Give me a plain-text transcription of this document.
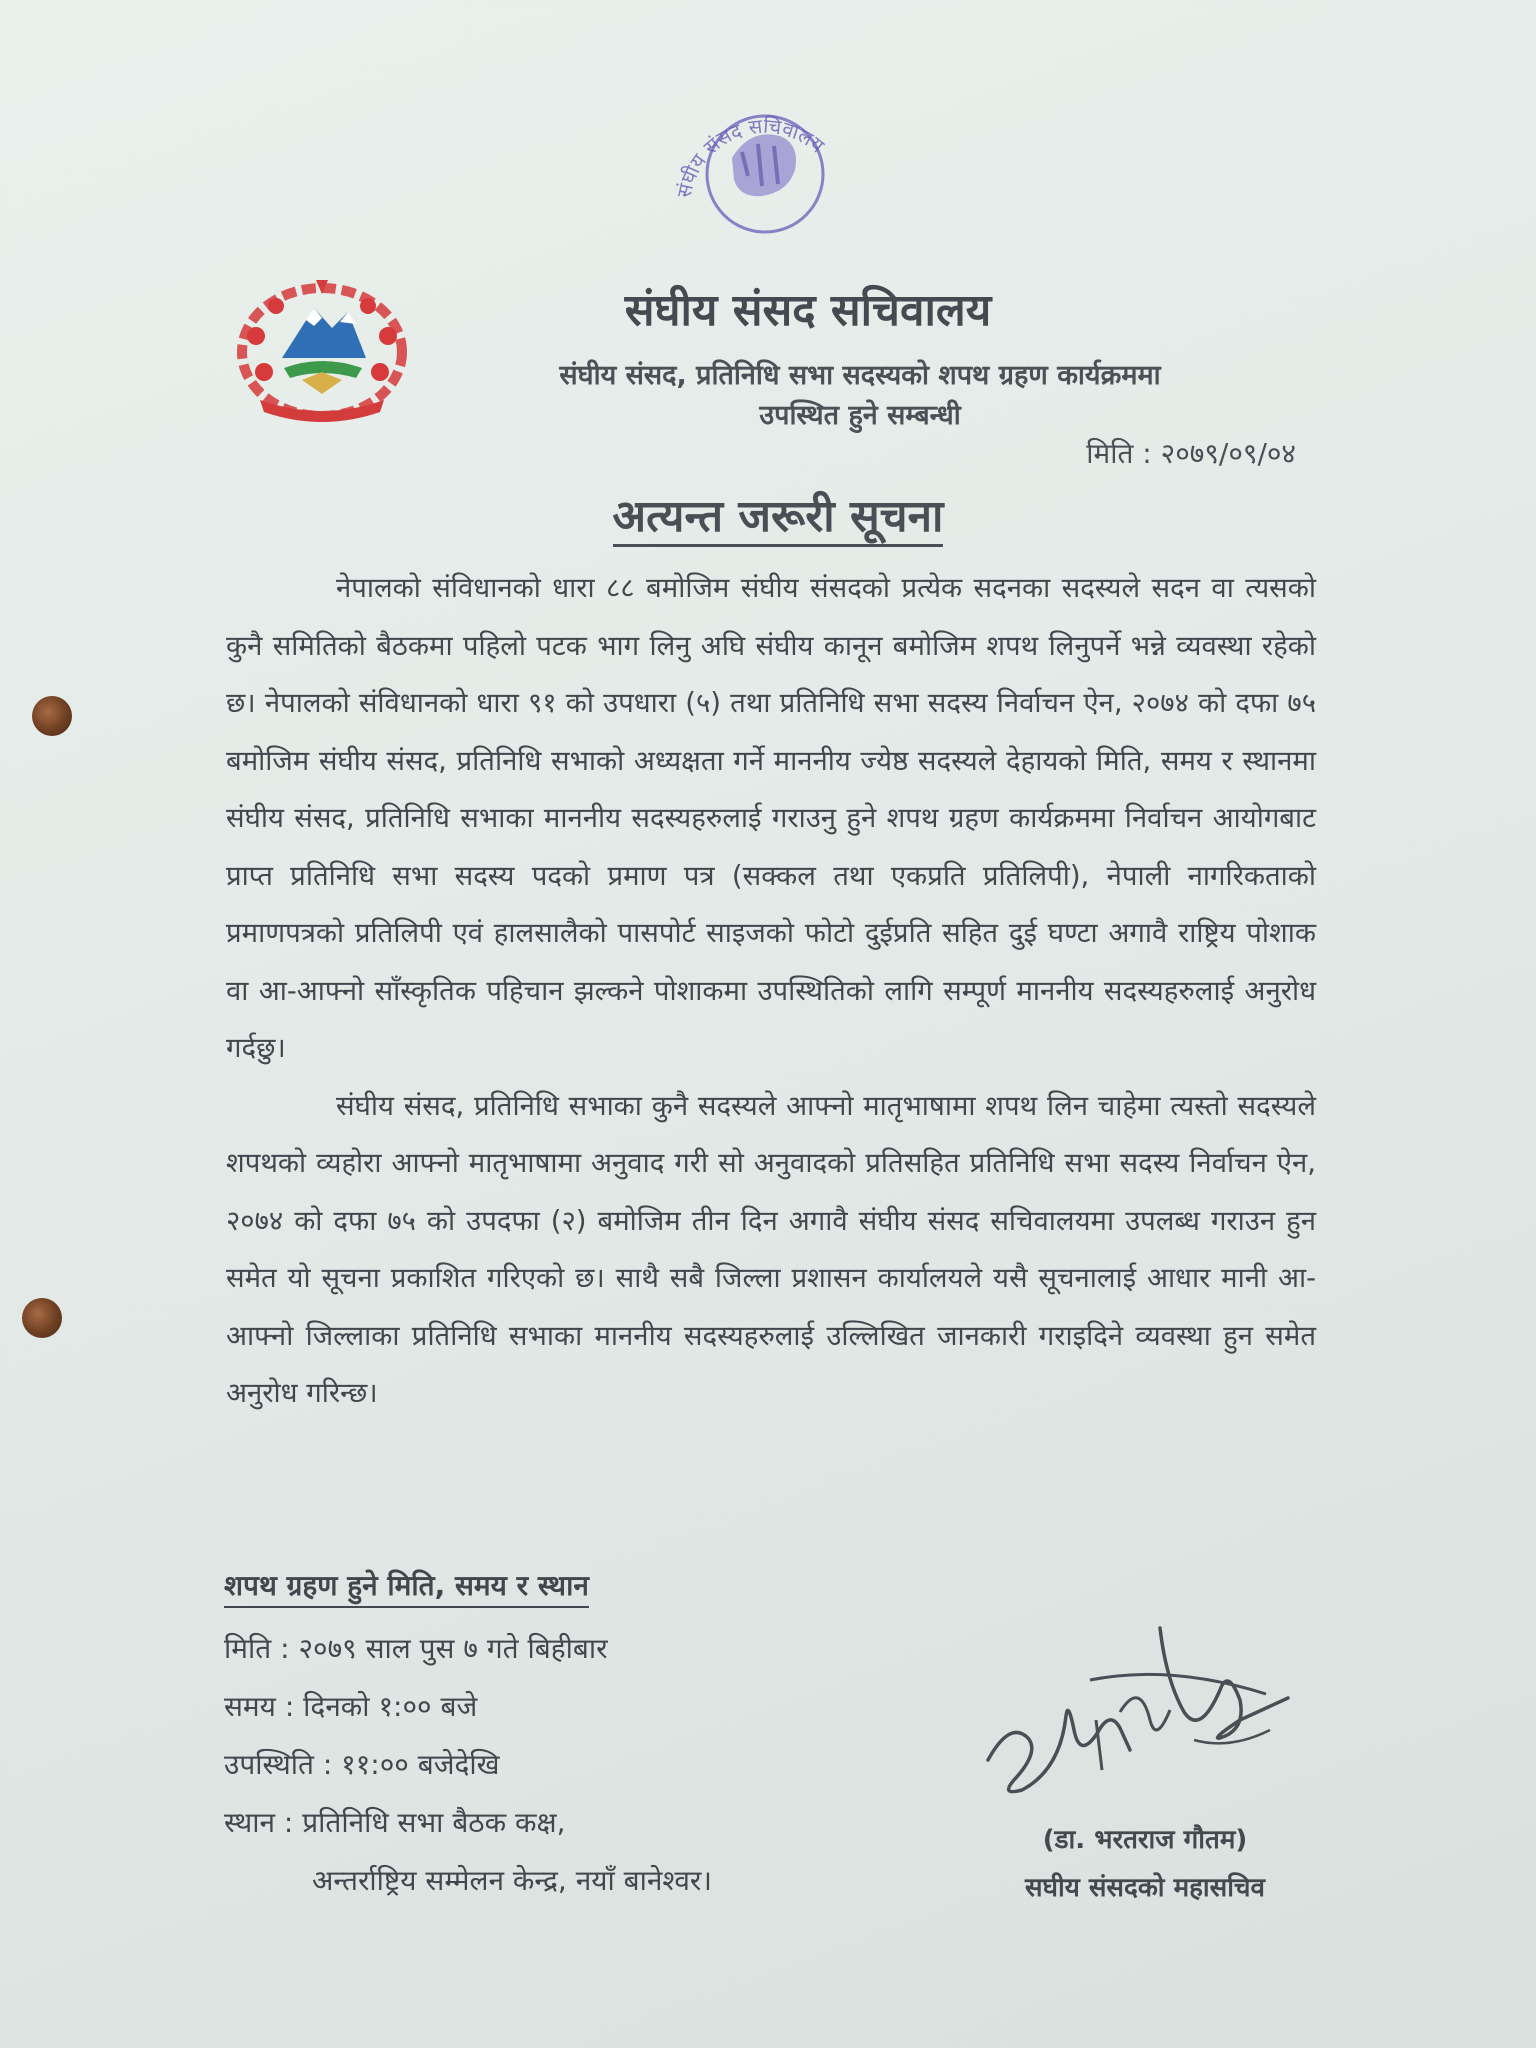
संघीय संसद सचिवालय
संघीय संसद सचिवालय
संघीय संसद, प्रतिनिधि सभा सदस्यको शपथ ग्रहण कार्यक्रममा
उपस्थित हुने सम्बन्धी
मिति : २०७९/०९/०४
अत्यन्त जरूरी सूचना

नेपालको संविधानको धारा ८८ बमोजिम संघीय संसदको प्रत्येक सदनका सदस्यले सदन वा त्यसको कुनै समितिको बैठकमा पहिलो पटक भाग लिनु अघि संघीय कानून बमोजिम शपथ लिनुपर्ने भन्ने व्यवस्था रहेको छ। नेपालको संविधानको धारा ९१ को उपधारा (५) तथा प्रतिनिधि सभा सदस्य निर्वाचन ऐन, २०७४ को दफा ७५ बमोजिम संघीय संसद, प्रतिनिधि सभाको अध्यक्षता गर्ने माननीय ज्येष्ठ सदस्यले देहायको मिति, समय र स्थानमा संघीय संसद, प्रतिनिधि सभाका माननीय सदस्यहरुलाई गराउनु हुने शपथ ग्रहण कार्यक्रममा निर्वाचन आयोगबाट प्राप्त प्रतिनिधि सभा सदस्य पदको प्रमाण पत्र (सक्कल तथा एकप्रति प्रतिलिपी), नेपाली नागरिकताको प्रमाणपत्रको प्रतिलिपी एवं हालसालैको पासपोर्ट साइजको फोटो दुईप्रति सहित दुई घण्टा अगावै राष्ट्रिय पोशाक वा आ-आफ्नो साँस्कृतिक पहिचान झल्कने पोशाकमा उपस्थितिको लागि सम्पूर्ण माननीय सदस्यहरुलाई अनुरोध गर्दछु।

संघीय संसद, प्रतिनिधि सभाका कुनै सदस्यले आफ्नो मातृभाषामा शपथ लिन चाहेमा त्यस्तो सदस्यले शपथको व्यहोरा आफ्नो मातृभाषामा अनुवाद गरी सो अनुवादको प्रतिसहित प्रतिनिधि सभा सदस्य निर्वाचन ऐन, २०७४ को दफा ७५ को उपदफा (२) बमोजिम तीन दिन अगावै संघीय संसद सचिवालयमा उपलब्ध गराउन हुन समेत यो सूचना प्रकाशित गरिएको छ। साथै सबै जिल्ला प्रशासन कार्यालयले यसै सूचनालाई आधार मानी आ-आफ्नो जिल्लाका प्रतिनिधि सभाका माननीय सदस्यहरुलाई उल्लिखित जानकारी गराइदिने व्यवस्था हुन समेत अनुरोध गरिन्छ।

शपथ ग्रहण हुने मिति, समय र स्थान
मिति : २०७९ साल पुस ७ गते बिहीबार
समय : दिनको १:०० बजे
उपस्थिति : ११:०० बजेदेखि
स्थान : प्रतिनिधि सभा बैठक कक्ष,
अन्तर्राष्ट्रिय सम्मेलन केन्द्र, नयाँ बानेश्वर।
(डा. भरतराज गौतम)
सघीय संसदको महासचिव
